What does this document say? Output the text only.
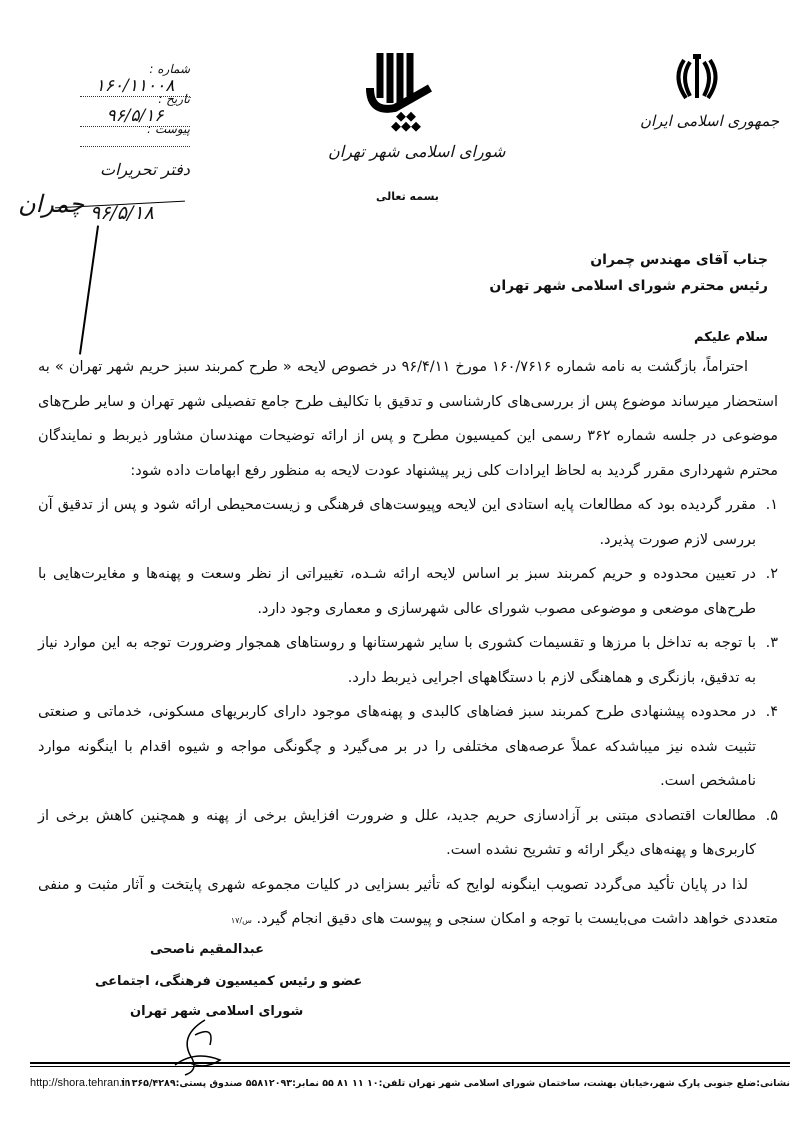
جمهوری اسلامی ایران
شورای اسلامی شهر تهران
بسمه تعالی
شماره : ۱۶۰/۱۱۰۰۸
تاریخ : ۹۶/۵/۱۶
پیوست :
دفتر تحریرات
۹۶/۵/۱۸
چمران
جناب آقای مهندس چمران
رئیس محترم شورای اسلامی شهر تهران
سلام علیکم
احتراماً، بازگشت به نامه شماره ۱۶۰/۷۶۱۶ مورخ ۹۶/۴/۱۱ در خصوص لایحه « طرح کمربند سبز حریم شهر تهران » به استحضار میرساند موضوع پس از بررسی‌های کارشناسی و تدقیق با تکالیف طرح جامع تفصیلی شهر تهران و سایر طرح‌های موضوعی در جلسه شماره ۳۶۲ رسمی این کمیسیون مطرح و پس از ارائه توضیحات مهندسان مشاور ذیربط و نمایندگان محترم شهرداری مقرر گردید به لحاظ ایرادات کلی زیر پیشنهاد عودت لایحه به منظور رفع ابهامات داده شود:
۱.
مقرر گردیده بود که مطالعات پایه استادی این لایحه وپیوست‌های فرهنگی و زیست‌محیطی ارائه شود و پس از تدقیق آن بررسی لازم صورت پذیرد.
۲.
در تعیین محدوده و حریم کمربند سبز بر اساس لایحه ارائه شـده، تغییراتی از نظر وسعت و پهنه‌ها و مغایرت‌هایی با طرح‌های موضعی و موضوعی مصوب شورای عالی شهرسازی و معماری وجود دارد.
۳.
با توجه به تداخل با مرزها و تقسیمات کشوری با سایر شهرستانها و روستاهای همجوار وضرورت توجه به این موارد نیاز به تدقیق، بازنگری و هماهنگی لازم با دستگاههای اجرایی ذیربط دارد.
۴.
در محدوده پیشنهادی طرح کمربند سبز فضاهای کالبدی و پهنه‌های موجود دارای کاربریهای مسکونی، خدماتی و صنعتی تثبیت شده نیز میباشدکه عملاً عرصه‌های مختلفی را در بر می‌گیرد و چگونگی مواجه و شیوه اقدام با اینگونه موارد نامشخص است.
۵.
مطالعات اقتصادی مبتنی بر آزادسازی حریم جدید، علل و ضرورت افزایش برخی از پهنه و همچنین کاهش برخی از کاربری‌ها و پهنه‌های دیگر ارائه و تشریح نشده است.
لذا در پایان تأکید می‌گردد تصویب اینگونه لوایح که تأثیر بسزایی در کلیات مجموعه شهری پایتخت و آثار مثبت و منفی متعددی خواهد داشت می‌بایست با توجه و امکان سنجی و پیوست های دقیق انجام گیرد. س/۱۷
عبدالمقیم ناصحی
عضو و رئیس کمیسیون فرهنگی، اجتماعی
شورای اسلامی شهر تهران
نشانی:ضلع جنوبی پارک شهر،خیابان بهشت، ساختمان شورای اسلامی شهر تهران تلفن:۱۰ ۱۱ ۸۱ ۵۵ نمابر:۵۵۸۱۲۰۹۳ صندوق پستی:۱۱۳۶۵/۴۲۸۹
http://shora.tehran.ir
